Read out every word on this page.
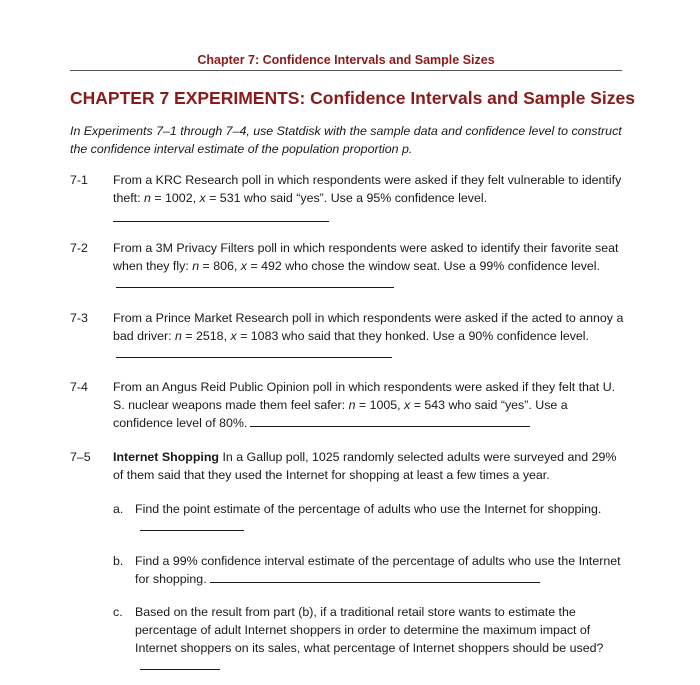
Chapter 7: Confidence Intervals and Sample Sizes
CHAPTER 7 EXPERIMENTS: Confidence Intervals and Sample Sizes
In Experiments 7–1 through 7–4, use Statdisk with the sample data and confidence level to construct the confidence interval estimate of the population proportion p.
7-1	From a KRC Research poll in which respondents were asked if they felt vulnerable to identify theft: n = 1002, x = 531 who said “yes”. Use a 95% confidence level.
7-2	From a 3M Privacy Filters poll in which respondents were asked to identify their favorite seat when they fly: n = 806, x = 492 who chose the window seat. Use a 99% confidence level.
7-3	From a Prince Market Research poll in which respondents were asked if the acted to annoy a bad driver: n = 2518, x = 1083 who said that they honked. Use a 90% confidence level.
7-4	From an Angus Reid Public Opinion poll in which respondents were asked if they felt that U. S. nuclear weapons made them feel safer: n = 1005, x = 543 who said “yes”. Use a confidence level of 80%.
7–5	Internet Shopping In a Gallup poll, 1025 randomly selected adults were surveyed and 29% of them said that they used the Internet for shopping at least a few times a year.
a. Find the point estimate of the percentage of adults who use the Internet for shopping.
b. Find a 99% confidence interval estimate of the percentage of adults who use the Internet for shopping.
c. Based on the result from part (b), if a traditional retail store wants to estimate the percentage of adult Internet shoppers in order to determine the maximum impact of Internet shoppers on its sales, what percentage of Internet shoppers should be used?
